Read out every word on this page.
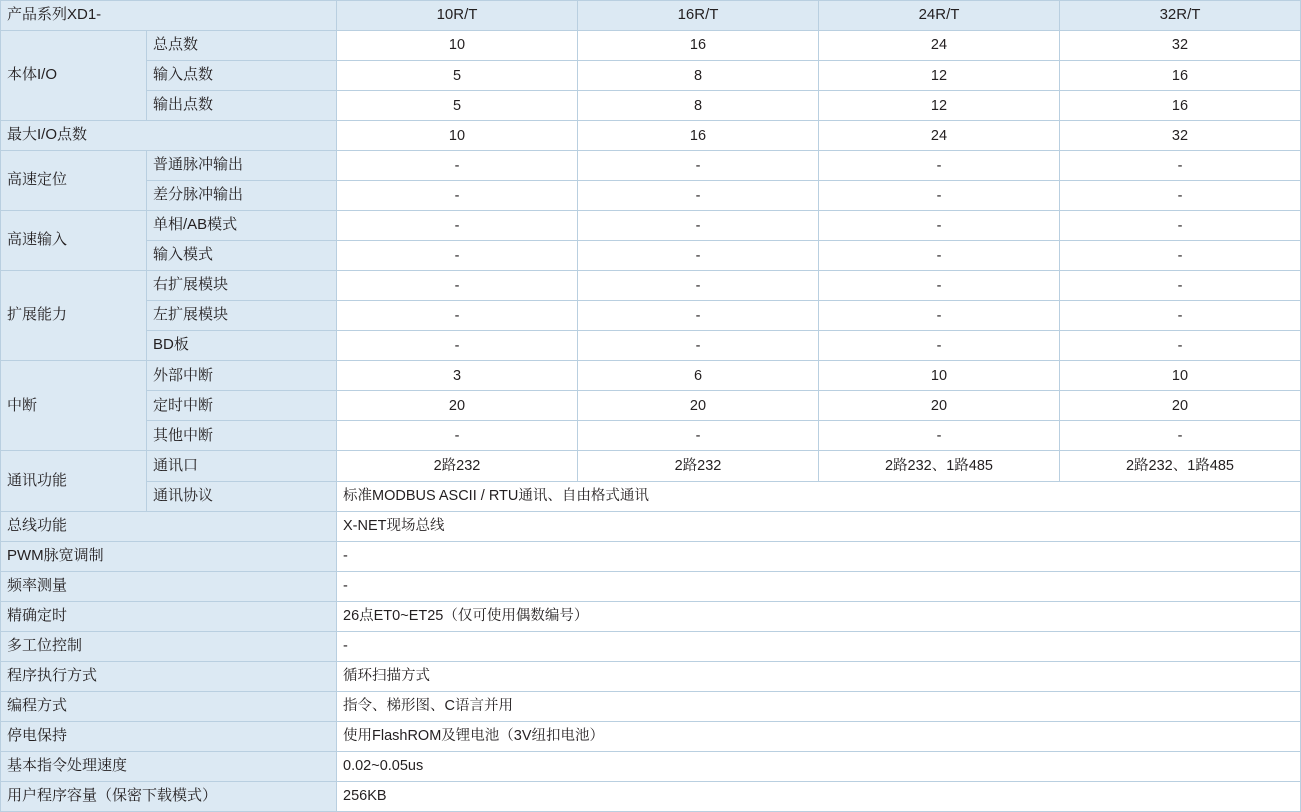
产品系列XD1-		10R/T	16R/T	24R/T	32R/T
本体I/O	总点数	10	16	24	32
	输入点数	5	8	12	16
	输出点数	5	8	12	16
最大I/O点数		10	16	24	32
高速定位	普通脉冲输出	-	-	-	-
	差分脉冲输出	-	-	-	-
高速输入	单相/AB模式	-	-	-	-
	输入模式	-	-	-	-
扩展能力	右扩展模块	-	-	-	-
	左扩展模块	-	-	-	-
	BD板	-	-	-	-
中断	外部中断	3	6	10	10
	定时中断	20	20	20	20
	其他中断	-	-	-	-
通讯功能	通讯口	2路232	2路232	2路232、1路485	2路232、1路485
	通讯协议	标准MODBUS ASCII / RTU通讯、自由格式通讯			
总线功能		X-NET现场总线			
PWM脉宽调制		-			
频率测量		-			
精确定时		26点ET0~ET25（仅可使用偶数编号）			
多工位控制		-			
程序执行方式		循环扫描方式			
编程方式		指令、梯形图、C语言并用			
停电保持		使用FlashROM及锂电池（3V纽扣电池）			
基本指令处理速度		0.02~0.05us			
用户程序容量（保密下载模式）		256KB			
